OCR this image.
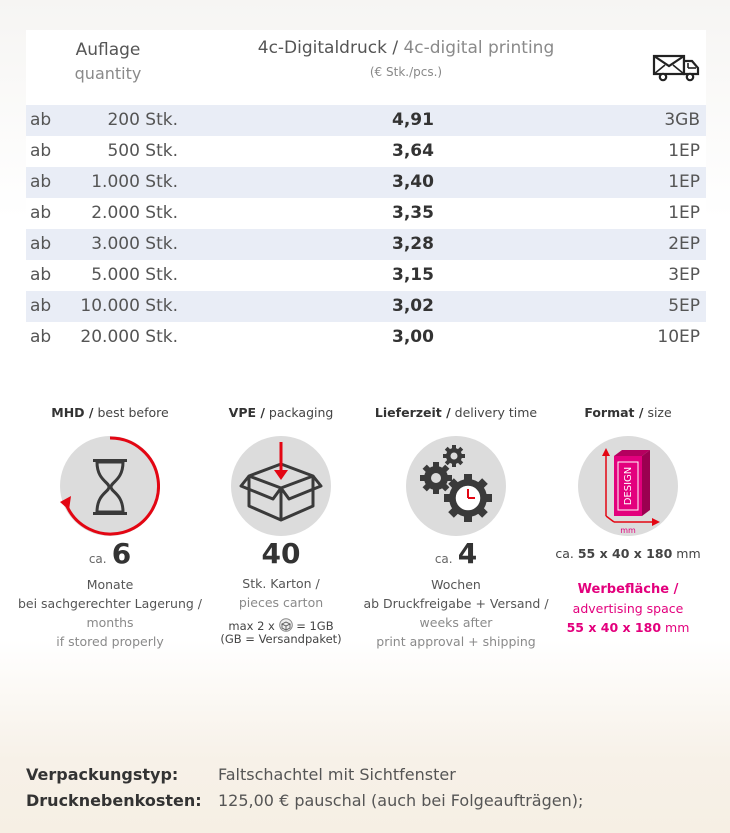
Auflage
quantity
4c-Digitaldruck / 4c-digital printing
(€ Stk./pcs.)
ab	200 Stk.	4,91	3GB
ab	500 Stk.	3,64	1EP
ab	1.000 Stk.	3,40	1EP
ab	2.000 Stk.	3,35	1EP
ab	3.000 Stk.	3,28	2EP
ab	5.000 Stk.	3,15	3EP
ab	10.000 Stk.	3,02	5EP
ab	20.000 Stk.	3,00	10EP
MHD / best before
ca. 6
Monate
bei sachgerechter Lagerung /
months
if stored properly
VPE / packaging
40
Stk. Karton /
pieces carton
max 2 x = 1GB
(GB = Versandpaket)
Lieferzeit / delivery time
ca. 4
Wochen
ab Druckfreigabe + Versand /
weeks after
print approval + shipping
Format / size
DESIGN
mm
ca. 55 x 40 x 180 mm
Werbefläche /
advertising space
55 x 40 x 180 mm
Verpackungstyp: Faltschachtel mit Sichtfenster
Drucknebenkosten: 125,00 € pauschal (auch bei Folgeaufträgen);
